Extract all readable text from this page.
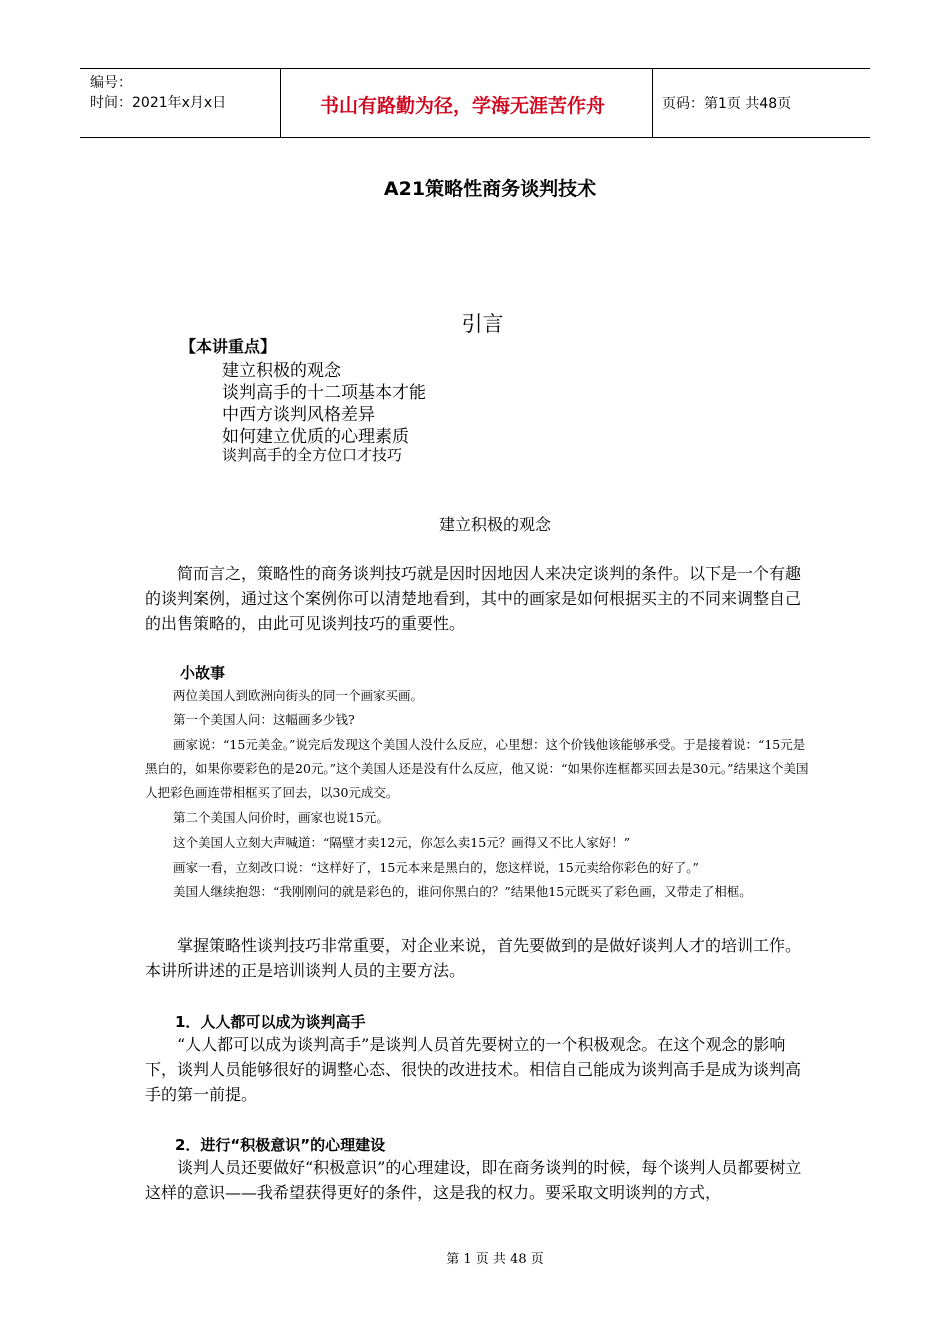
编号：
时间：2021年x月x日	书山有路勤为径，学海无涯苦作舟	页码：第1页 共48页
A21策略性商务谈判技术
引言
【本讲重点】
建立积极的观念
谈判高手的十二项基本才能
中西方谈判风格差异
如何建立优质的心理素质
谈判高手的全方位口才技巧
建立积极的观念

简而言之，策略性的商务谈判技巧就是因时因地因人来决定谈判的条件。以下是一个有趣的谈判案例，通过这个案例你可以清楚地看到，其中的画家是如何根据买主的不同来调整自己的出售策略的，由此可见谈判技巧的重要性。

小故事

两位美国人到欧洲向街头的同一个画家买画。

第一个美国人问：这幅画多少钱?

画家说：“15元美金。”说完后发现这个美国人没什么反应，心里想：这个价钱他该能够承受。于是接着说：“15元是黑白的，如果你要彩色的是20元。”这个美国人还是没有什么反应，他又说：“如果你连框都买回去是30元。”结果这个美国人把彩色画连带相框买了回去，以30元成交。

第二个美国人问价时，画家也说15元。

这个美国人立刻大声喊道：“隔壁才卖12元，你怎么卖15元？画得又不比人家好！”

画家一看，立刻改口说：“这样好了，15元本来是黑白的，您这样说，15元卖给你彩色的好了。”

美国人继续抱怨：“我刚刚问的就是彩色的，谁问你黑白的？”结果他15元既买了彩色画，又带走了相框。

掌握策略性谈判技巧非常重要，对企业来说，首先要做到的是做好谈判人才的培训工作。本讲所讲述的正是培训谈判人员的主要方法。

1．人人都可以成为谈判高手

“人人都可以成为谈判高手”是谈判人员首先要树立的一个积极观念。在这个观念的影响下，谈判人员能够很好的调整心态、很快的改进技术。相信自己能成为谈判高手是成为谈判高手的第一前提。

2．进行“积极意识”的心理建设

谈判人员还要做好“积极意识”的心理建设，即在商务谈判的时候，每个谈判人员都要树立这样的意识——我希望获得更好的条件，这是我的权力。要采取文明谈判的方式，

第 1 页 共 48 页
